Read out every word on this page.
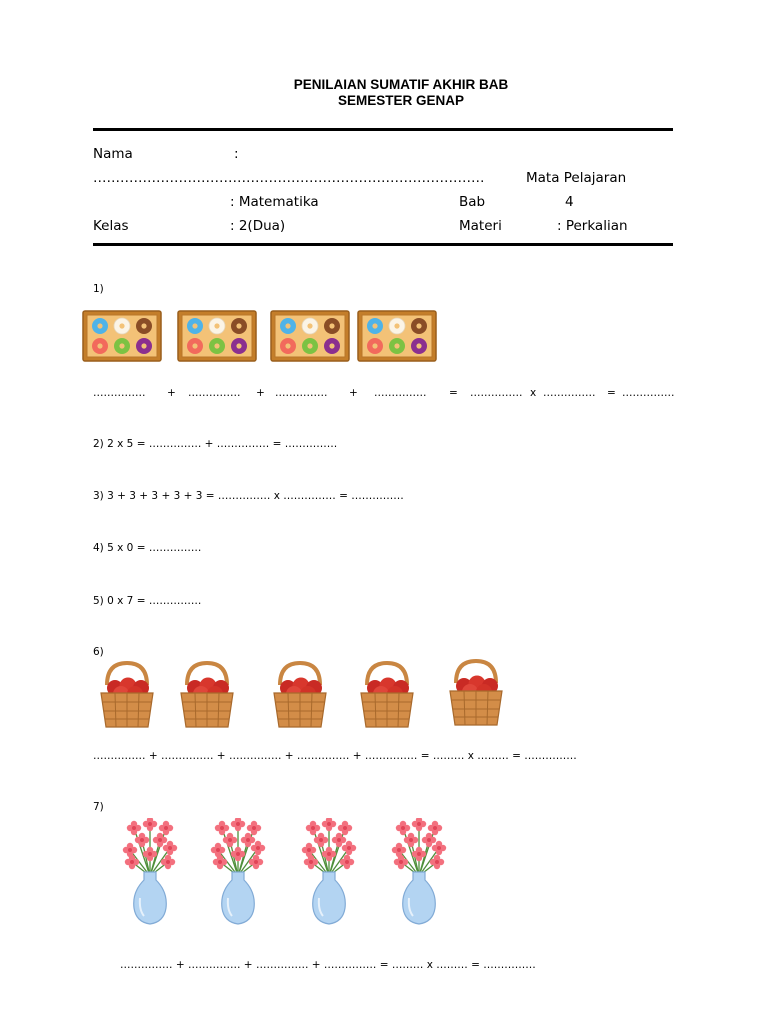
PENILAIAN SUMATIF AKHIR BAB
SEMESTER GENAP
Nama	:
……………………………………………………………………………	Mata Pelajaran
: Matematika	Bab	4
Kelas	: 2(Dua)	Materi	: Perkalian
1)
…………… + …………… + …………… + …………… = …………… x …………… = ……………
2) 2 x 5 = …………… + …………… = ……………
3) 3 + 3 + 3 + 3 + 3 = …………… x …………… = ……………
4) 5 x 0 = ……………
5) 0 x 7 = ……………
6)
…………… + …………… + …………… + …………… + …………… = ……… x ……… = ……………
7)
…………… + …………… + …………… + …………… = ……… x ……… = ……………
